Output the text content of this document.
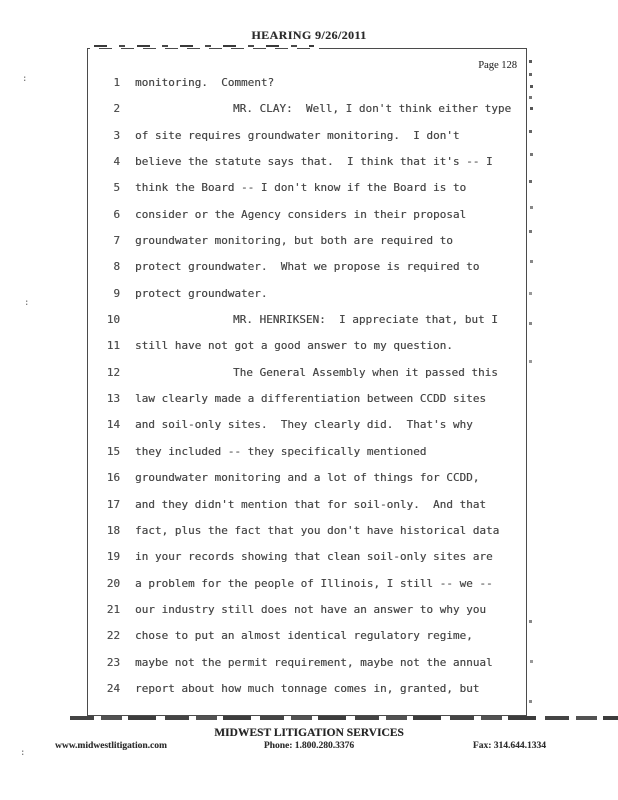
HEARING 9/26/2011
Page 128
1 monitoring.  Comment?
2	MR. CLAY:  Well, I don't think either type
3 of site requires groundwater monitoring.  I don't
4 believe the statute says that.  I think that it's -- I
5 think the Board -- I don't know if the Board is to
6 consider or the Agency considers in their proposal
7 groundwater monitoring, but both are required to
8 protect groundwater.  What we propose is required to
9 protect groundwater.
10	MR. HENRIKSEN:  I appreciate that, but I
11 still have not got a good answer to my question.
12	The General Assembly when it passed this
13 law clearly made a differentiation between CCDD sites
14 and soil-only sites.  They clearly did.  That's why
15 they included -- they specifically mentioned
16 groundwater monitoring and a lot of things for CCDD,
17 and they didn't mention that for soil-only.  And that
18 fact, plus the fact that you don't have historical data
19 in your records showing that clean soil-only sites are
20 a problem for the people of Illinois, I still -- we --
21 our industry still does not have an answer to why you
22 chose to put an almost identical regulatory regime,
23 maybe not the permit requirement, maybe not the annual
24 report about how much tonnage comes in, granted, but
:
:
:
MIDWEST LITIGATION SERVICES
www.midwestlitigation.com	Phone: 1.800.280.3376	Fax: 314.644.1334
